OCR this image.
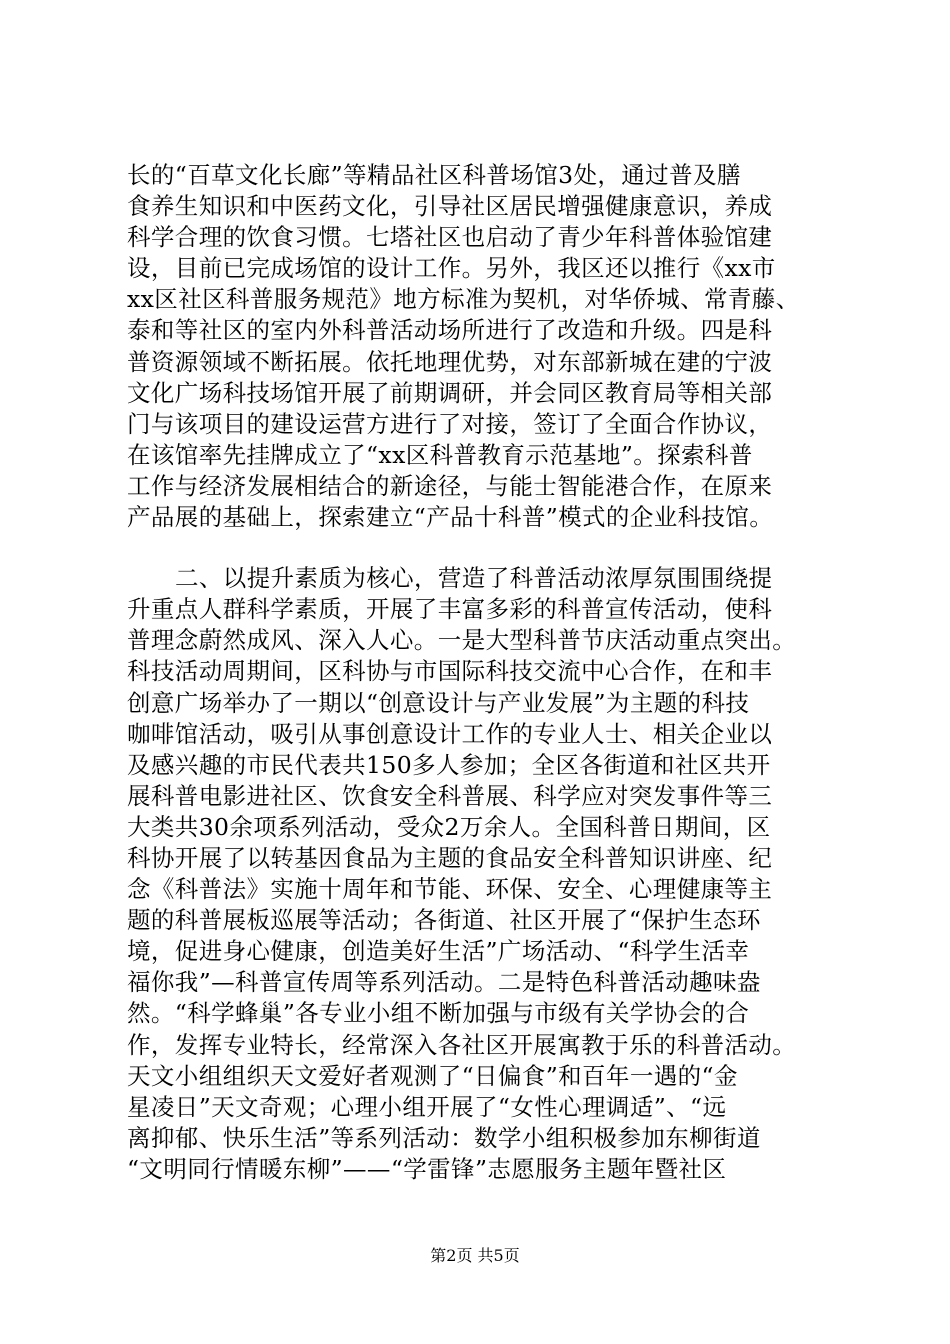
长的“百草文化长廊”等精品社区科普场馆3处，通过普及膳
食养生知识和中医药文化，引导社区居民增强健康意识，养成
科学合理的饮食习惯。七塔社区也启动了青少年科普体验馆建
设，目前已完成场馆的设计工作。另外，我区还以推行《xx市
xx区社区科普服务规范》地方标准为契机，对华侨城、常青藤、
泰和等社区的室内外科普活动场所进行了改造和升级。四是科
普资源领域不断拓展。依托地理优势，对东部新城在建的宁波
文化广场科技场馆开展了前期调研，并会同区教育局等相关部
门与该项目的建设运营方进行了对接，签订了全面合作协议，
在该馆率先挂牌成立了“xx区科普教育示范基地”。探索科普
工作与经济发展相结合的新途径，与能士智能港合作，在原来
产品展的基础上，探索建立“产品十科普”模式的企业科技馆。
二、以提升素质为核心，营造了科普活动浓厚氛围围绕提
升重点人群科学素质，开展了丰富多彩的科普宣传活动，使科
普理念蔚然成风、深入人心。一是大型科普节庆活动重点突出。
科技活动周期间，区科协与市国际科技交流中心合作，在和丰
创意广场举办了一期以“创意设计与产业发展”为主题的科技
咖啡馆活动，吸引从事创意设计工作的专业人士、相关企业以
及感兴趣的市民代表共150多人参加；全区各街道和社区共开
展科普电影进社区、饮食安全科普展、科学应对突发事件等三
大类共30余项系列活动，受众2万余人。全国科普日期间，区
科协开展了以转基因食品为主题的食品安全科普知识讲座、纪
念《科普法》实施十周年和节能、环保、安全、心理健康等主
题的科普展板巡展等活动；各街道、社区开展了“保护生态环
境，促进身心健康，创造美好生活”广场活动、“科学生活幸
福你我”—科普宣传周等系列活动。二是特色科普活动趣味盎
然。“科学蜂巢”各专业小组不断加强与市级有关学协会的合
作，发挥专业特长，经常深入各社区开展寓教于乐的科普活动。
天文小组组织天文爱好者观测了“日偏食”和百年一遇的“金
星凌日”天文奇观；心理小组开展了“女性心理调适”、“远
离抑郁、快乐生活”等系列活动：数学小组积极参加东柳街道
“文明同行情暖东柳”——“学雷锋”志愿服务主题年暨社区
第2页 共5页
